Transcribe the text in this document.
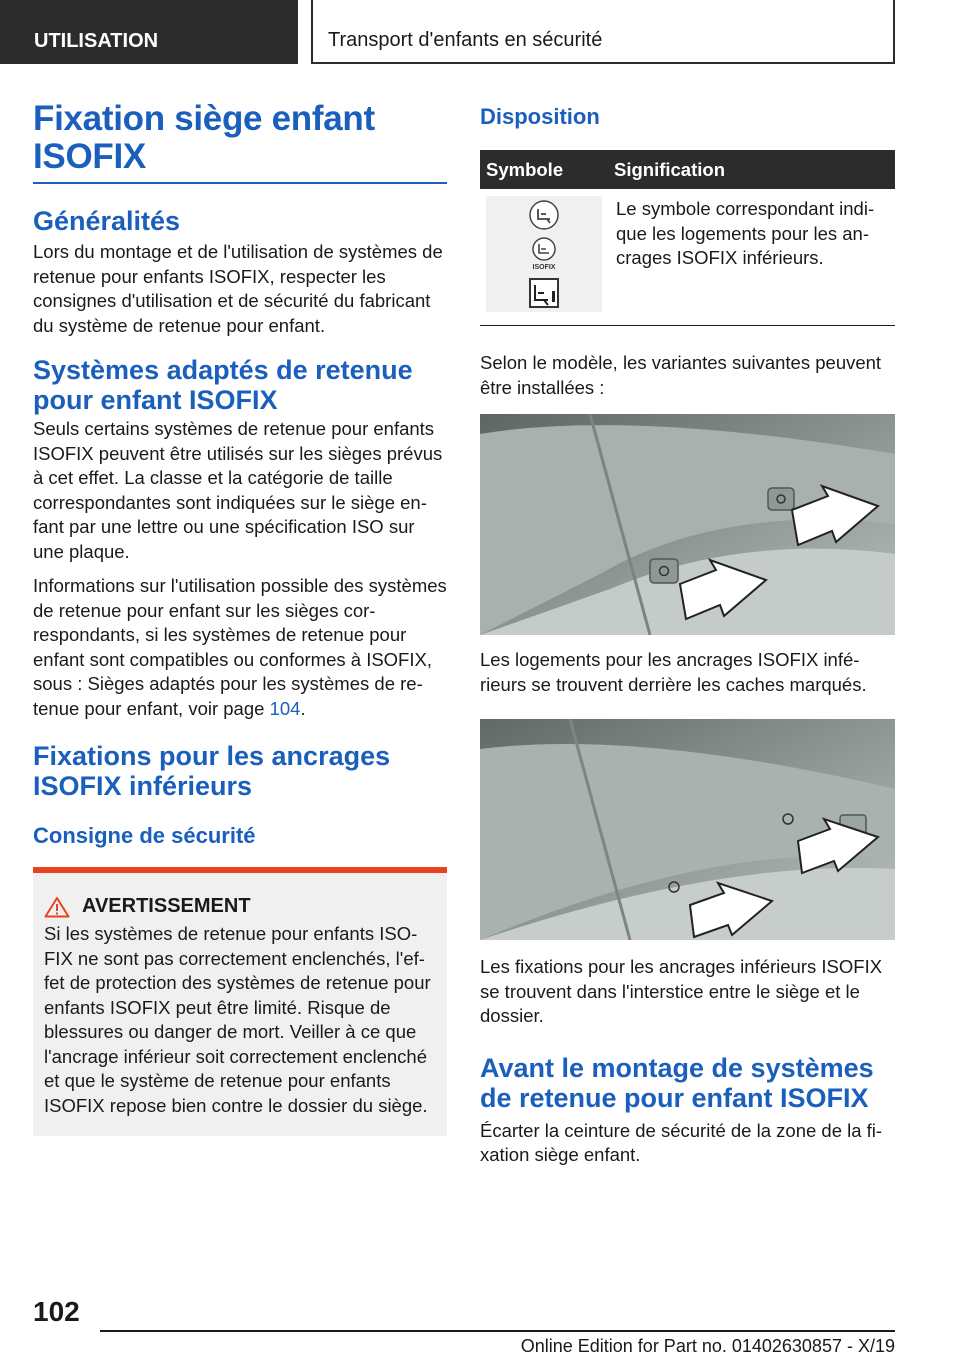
UTILISATION	Transport d'enfants en sécurité
Fixation siège enfant ISOFIX
Généralités

Lors du montage et de l'utilisation de systèmes de retenue pour enfants ISOFIX, respecter les consignes d'utilisation et de sécurité du fabricant du système de retenue pour enfant.

Systèmes adaptés de retenue pour enfant ISOFIX

Seuls certains systèmes de retenue pour enfants ISOFIX peuvent être utilisés sur les sièges prévus à cet effet. La classe et la catégorie de taille correspondantes sont indiquées sur le siège enfant par une lettre ou une spécification ISO sur une plaque.

Informations sur l'utilisation possible des systèmes de retenue pour enfant sur les sièges correspondants, si les systèmes de retenue pour enfant sont compatibles ou conformes à ISOFIX, sous : Sièges adaptés pour les systèmes de retenue pour enfant, voir page 104.

Fixations pour les ancrages ISOFIX inférieurs
Consigne de sécurité
AVERTISSEMENT

Si les systèmes de retenue pour enfants ISOFIX ne sont pas correctement enclenchés, l'effet de protection des systèmes de retenue pour enfants ISOFIX peut être limité. Risque de blessures ou danger de mort. Veiller à ce que l'ancrage inférieur soit correctement enclenché et que le système de retenue pour enfants ISOFIX repose bien contre le dossier du siège.

Disposition
Symbole	Signification

ISOFIX	Le symbole correspondant indique les logements pour les ancrages ISOFIX inférieurs.

Selon le modèle, les variantes suivantes peuvent être installées :

Les logements pour les ancrages ISOFIX inférieurs se trouvent derrière les caches marqués.

Les fixations pour les ancrages inférieurs ISOFIX se trouvent dans l'interstice entre le siège et le dossier.

Avant le montage de systèmes de retenue pour enfant ISOFIX

Écarter la ceinture de sécurité de la zone de la fixation siège enfant.

102
Online Edition for Part no. 01402630857 - X/19
